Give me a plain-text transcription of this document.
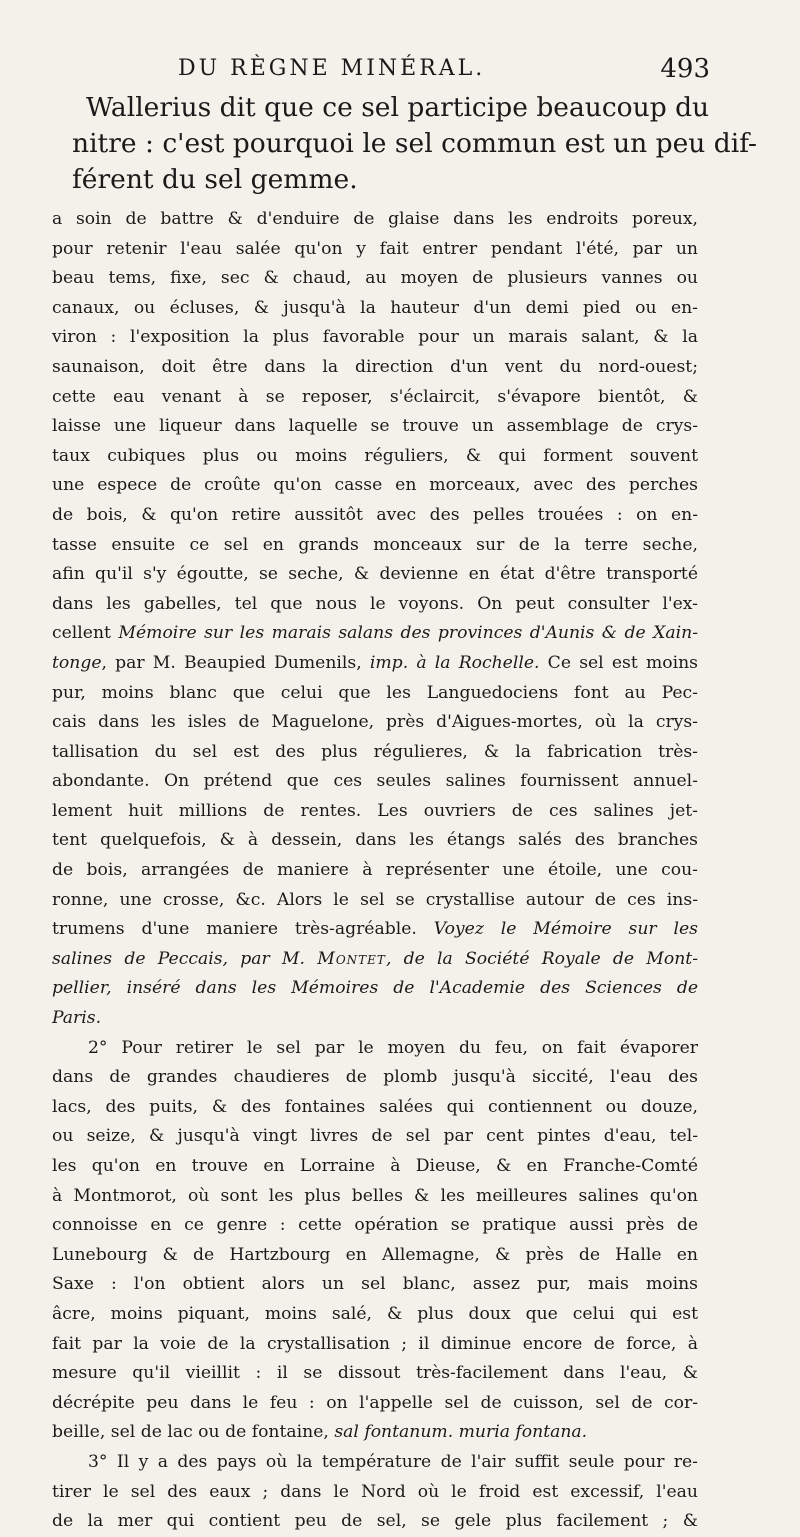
DU RÈGNE MINÉRAL.	493
Wallerius dit que ce sel participe beaucoup du
nitre : c'est pourquoi le sel commun est un peu dif-
férent du sel gemme.
a soin de battre & d'enduire de glaise dans les endroits poreux,
pour retenir l'eau salée qu'on y fait entrer pendant l'été, par un
beau tems, fixe, sec & chaud, au moyen de plusieurs vannes ou
canaux, ou écluses, & jusqu'à la hauteur d'un demi pied ou en-
viron : l'exposition la plus favorable pour un marais salant, & la
saunaison, doit être dans la direction d'un vent du nord-ouest;
cette eau venant à se reposer, s'éclaircit, s'évapore bientôt, &
laisse une liqueur dans laquelle se trouve un assemblage de crys-
taux cubiques plus ou moins réguliers, & qui forment souvent
une espece de croûte qu'on casse en morceaux, avec des perches
de bois, & qu'on retire aussitôt avec des pelles trouées : on en-
tasse ensuite ce sel en grands monceaux sur de la terre seche,
afin qu'il s'y égoutte, se seche, & devienne en état d'être transporté
dans les gabelles, tel que nous le voyons. On peut consulter l'ex-
cellent Mémoire sur les marais salans des provinces d'Aunis & de Xain-
tonge, par M. Beaupied Dumenils, imp. à la Rochelle. Ce sel est moins
pur, moins blanc que celui que les Languedociens font au Pec-
cais dans les isles de Maguelone, près d'Aigues-mortes, où la crys-
tallisation du sel est des plus régulieres, & la fabrication très-
abondante. On prétend que ces seules salines fournissent annuel-
lement huit millions de rentes. Les ouvriers de ces salines jet-
tent quelquefois, & à dessein, dans les étangs salés des branches
de bois, arrangées de maniere à représenter une étoile, une cou-
ronne, une crosse, &c. Alors le sel se crystallise autour de ces ins-
trumens d'une maniere très-agréable. Voyez le Mémoire sur les
salines de Peccais, par M. Montet, de la Société Royale de Mont-
pellier, inséré dans les Mémoires de l'Academie des Sciences de
Paris.
2° Pour retirer le sel par le moyen du feu, on fait évaporer
dans de grandes chaudieres de plomb jusqu'à siccité, l'eau des
lacs, des puits, & des fontaines salées qui contiennent ou douze,
ou seize, & jusqu'à vingt livres de sel par cent pintes d'eau, tel-
les qu'on en trouve en Lorraine à Dieuse, & en Franche-Comté
à Montmorot, où sont les plus belles & les meilleures salines qu'on
connoisse en ce genre : cette opération se pratique aussi près de
Lunebourg & de Hartzbourg en Allemagne, & près de Halle en
Saxe : l'on obtient alors un sel blanc, assez pur, mais moins
âcre, moins piquant, moins salé, & plus doux que celui qui est
fait par la voie de la crystallisation ; il diminue encore de force, à
mesure qu'il vieillit : il se dissout très-facilement dans l'eau, &
décrépite peu dans le feu : on l'appelle sel de cuisson, sel de cor-
beille, sel de lac ou de fontaine, sal fontanum. muria fontana.
3° Il y a des pays où la température de l'air suffit seule pour re-
tirer le sel des eaux ; dans le Nord où le froid est excessif, l'eau
de la mer qui contient peu de sel, se gele plus facilement ; &
